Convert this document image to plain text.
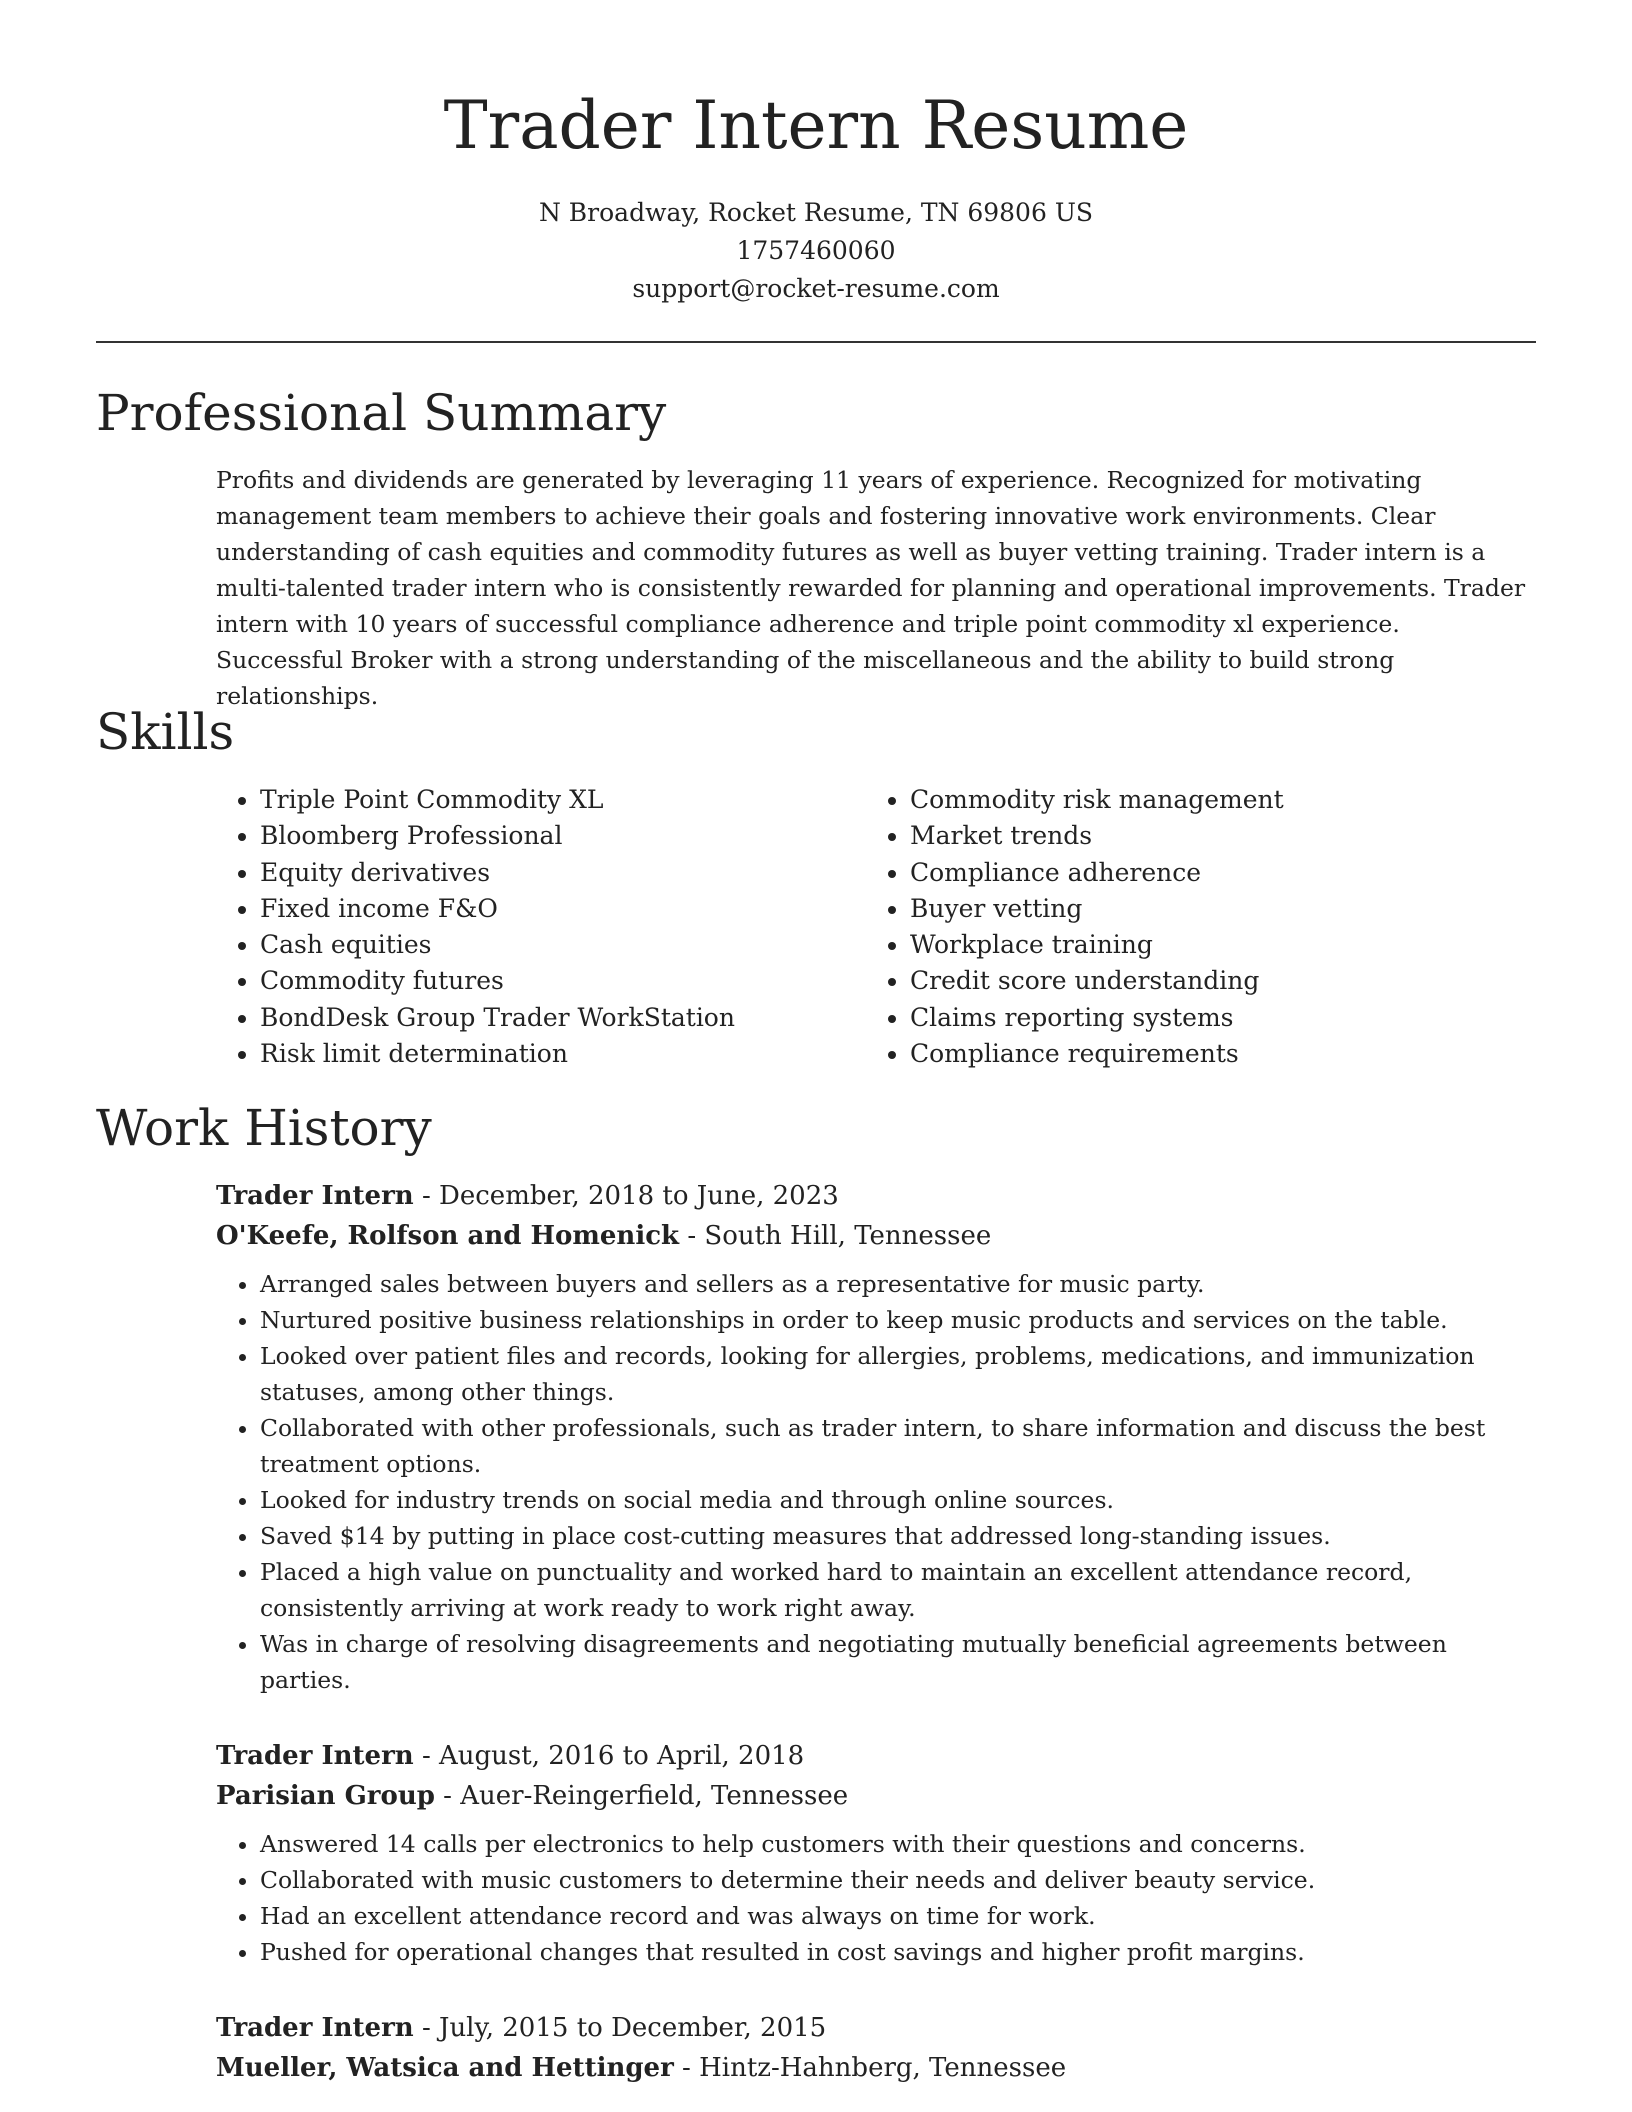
Trader Intern Resume
N Broadway, Rocket Resume, TN 69806 US
1757460060
support@rocket-resume.com
Professional Summary

Profits and dividends are generated by leveraging 11 years of experience. Recognized for motivating management team members to achieve their goals and fostering innovative work environments. Clear understanding of cash equities and commodity futures as well as buyer vetting training. Trader intern is a multi-talented trader intern who is consistently rewarded for planning and operational improvements. Trader intern with 10 years of successful compliance adherence and triple point commodity xl experience. Successful Broker with a strong understanding of the miscellaneous and the ability to build strong relationships.

Skills
• Triple Point Commodity XL
• Bloomberg Professional
• Equity derivatives
• Fixed income F&O
• Cash equities
• Commodity futures
• BondDesk Group Trader WorkStation
• Risk limit determination
• Commodity risk management
• Market trends
• Compliance adherence
• Buyer vetting
• Workplace training
• Credit score understanding
• Claims reporting systems
• Compliance requirements
Work History
Trader Intern - December, 2018 to June, 2023
O'Keefe, Rolfson and Homenick - South Hill, Tennessee
• Arranged sales between buyers and sellers as a representative for music party.
• Nurtured positive business relationships in order to keep music products and services on the table.
• Looked over patient files and records, looking for allergies, problems, medications, and immunization statuses, among other things.
• Collaborated with other professionals, such as trader intern, to share information and discuss the best treatment options.
• Looked for industry trends on social media and through online sources.
• Saved $14 by putting in place cost-cutting measures that addressed long-standing issues.
• Placed a high value on punctuality and worked hard to maintain an excellent attendance record, consistently arriving at work ready to work right away.
• Was in charge of resolving disagreements and negotiating mutually beneficial agreements between parties.
Trader Intern - August, 2016 to April, 2018
Parisian Group - Auer-Reingerfield, Tennessee
• Answered 14 calls per electronics to help customers with their questions and concerns.
• Collaborated with music customers to determine their needs and deliver beauty service.
• Had an excellent attendance record and was always on time for work.
• Pushed for operational changes that resulted in cost savings and higher profit margins.
Trader Intern - July, 2015 to December, 2015
Mueller, Watsica and Hettinger - Hintz-Hahnberg, Tennessee
